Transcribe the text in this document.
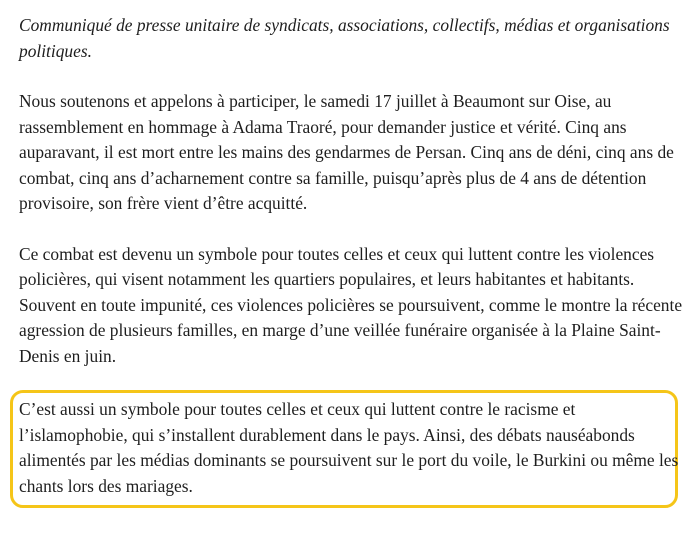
Communiqué de presse unitaire de syndicats, associations, collectifs, médias et organisations politiques.

Nous soutenons et appelons à participer, le samedi 17 juillet à Beaumont sur Oise, au rassemblement en hommage à Adama Traoré, pour demander justice et vérité. Cinq ans auparavant, il est mort entre les mains des gendarmes de Persan. Cinq ans de déni, cinq ans de combat, cinq ans d’acharnement contre sa famille, puisqu’après plus de 4 ans de détention provisoire, son frère vient d’être acquitté.

Ce combat est devenu un symbole pour toutes celles et ceux qui luttent contre les violences policières, qui visent notamment les quartiers populaires, et leurs habitantes et habitants. Souvent en toute impunité, ces violences policières se poursuivent, comme le montre la récente agression de plusieurs familles, en marge d’une veillée funéraire organisée à la Plaine Saint-Denis en juin.

C’est aussi un symbole pour toutes celles et ceux qui luttent contre le racisme et l’islamophobie, qui s’installent durablement dans le pays. Ainsi, des débats nauséabonds alimentés par les médias dominants se poursuivent sur le port du voile, le Burkini ou même les chants lors des mariages.
